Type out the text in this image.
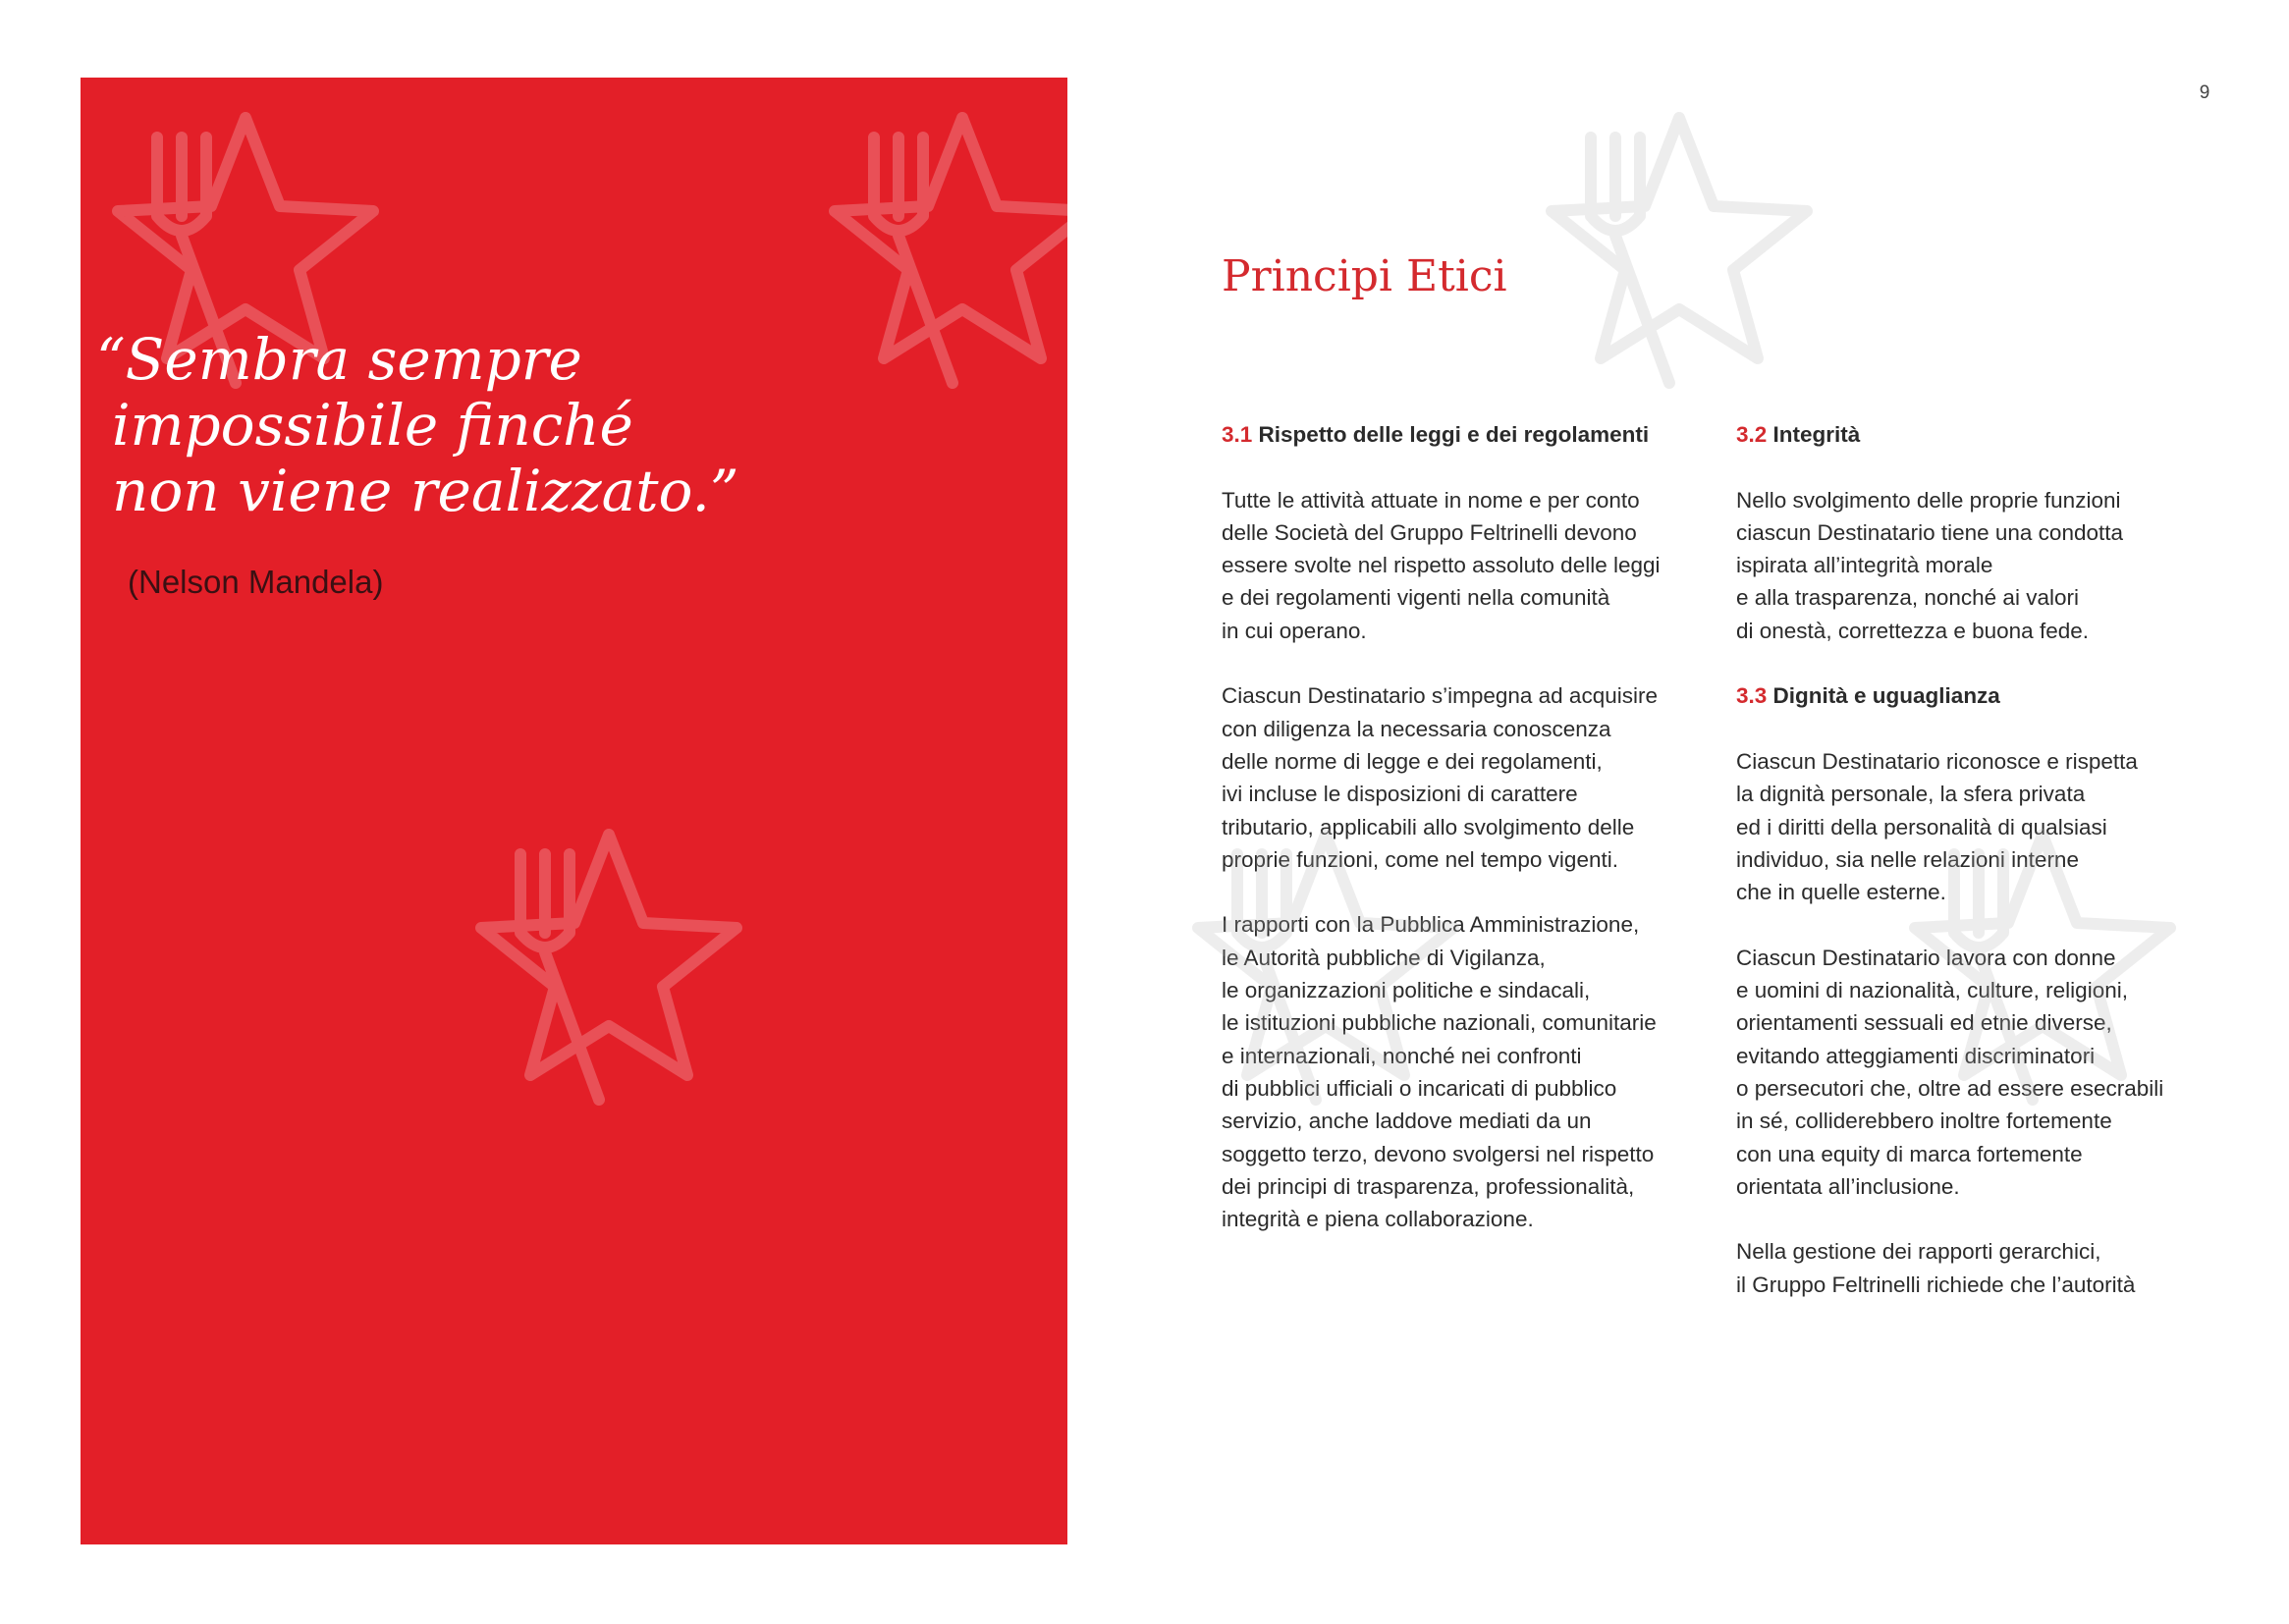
9
“Sembra sempre
impossibile finché
non viene realizzato.”
(Nelson Mandela)
Principi Etici
3.1 Rispetto delle leggi e dei regolamenti
Tutte le attività attuate in nome e per conto
delle Società del Gruppo Feltrinelli devono
essere svolte nel rispetto assoluto delle leggi
e dei regolamenti vigenti nella comunità
in cui operano.
Ciascun Destinatario s’impegna ad acquisire
con diligenza la necessaria conoscenza
delle norme di legge e dei regolamenti,
ivi incluse le disposizioni di carattere
tributario, applicabili allo svolgimento delle
proprie funzioni, come nel tempo vigenti.
I rapporti con la Pubblica Amministrazione,
le Autorità pubbliche di Vigilanza,
le organizzazioni politiche e sindacali,
le istituzioni pubbliche nazionali, comunitarie
e internazionali, nonché nei confronti
di pubblici ufficiali o incaricati di pubblico
servizio, anche laddove mediati da un
soggetto terzo, devono svolgersi nel rispetto
dei principi di trasparenza, professionalità,
integrità e piena collaborazione.
3.2 Integrità
Nello svolgimento delle proprie funzioni
ciascun Destinatario tiene una condotta
ispirata all’integrità morale
e alla trasparenza, nonché ai valori
di onestà, correttezza e buona fede.
3.3 Dignità e uguaglianza
Ciascun Destinatario riconosce e rispetta
la dignità personale, la sfera privata
ed i diritti della personalità di qualsiasi
individuo, sia nelle relazioni interne
che in quelle esterne.
Ciascun Destinatario lavora con donne
e uomini di nazionalità, culture, religioni,
orientamenti sessuali ed etnie diverse,
evitando atteggiamenti discriminatori
o persecutori che, oltre ad essere esecrabili
in sé, colliderebbero inoltre fortemente
con una equity di marca fortemente
orientata all’inclusione.
Nella gestione dei rapporti gerarchici,
il Gruppo Feltrinelli richiede che l’autorità
